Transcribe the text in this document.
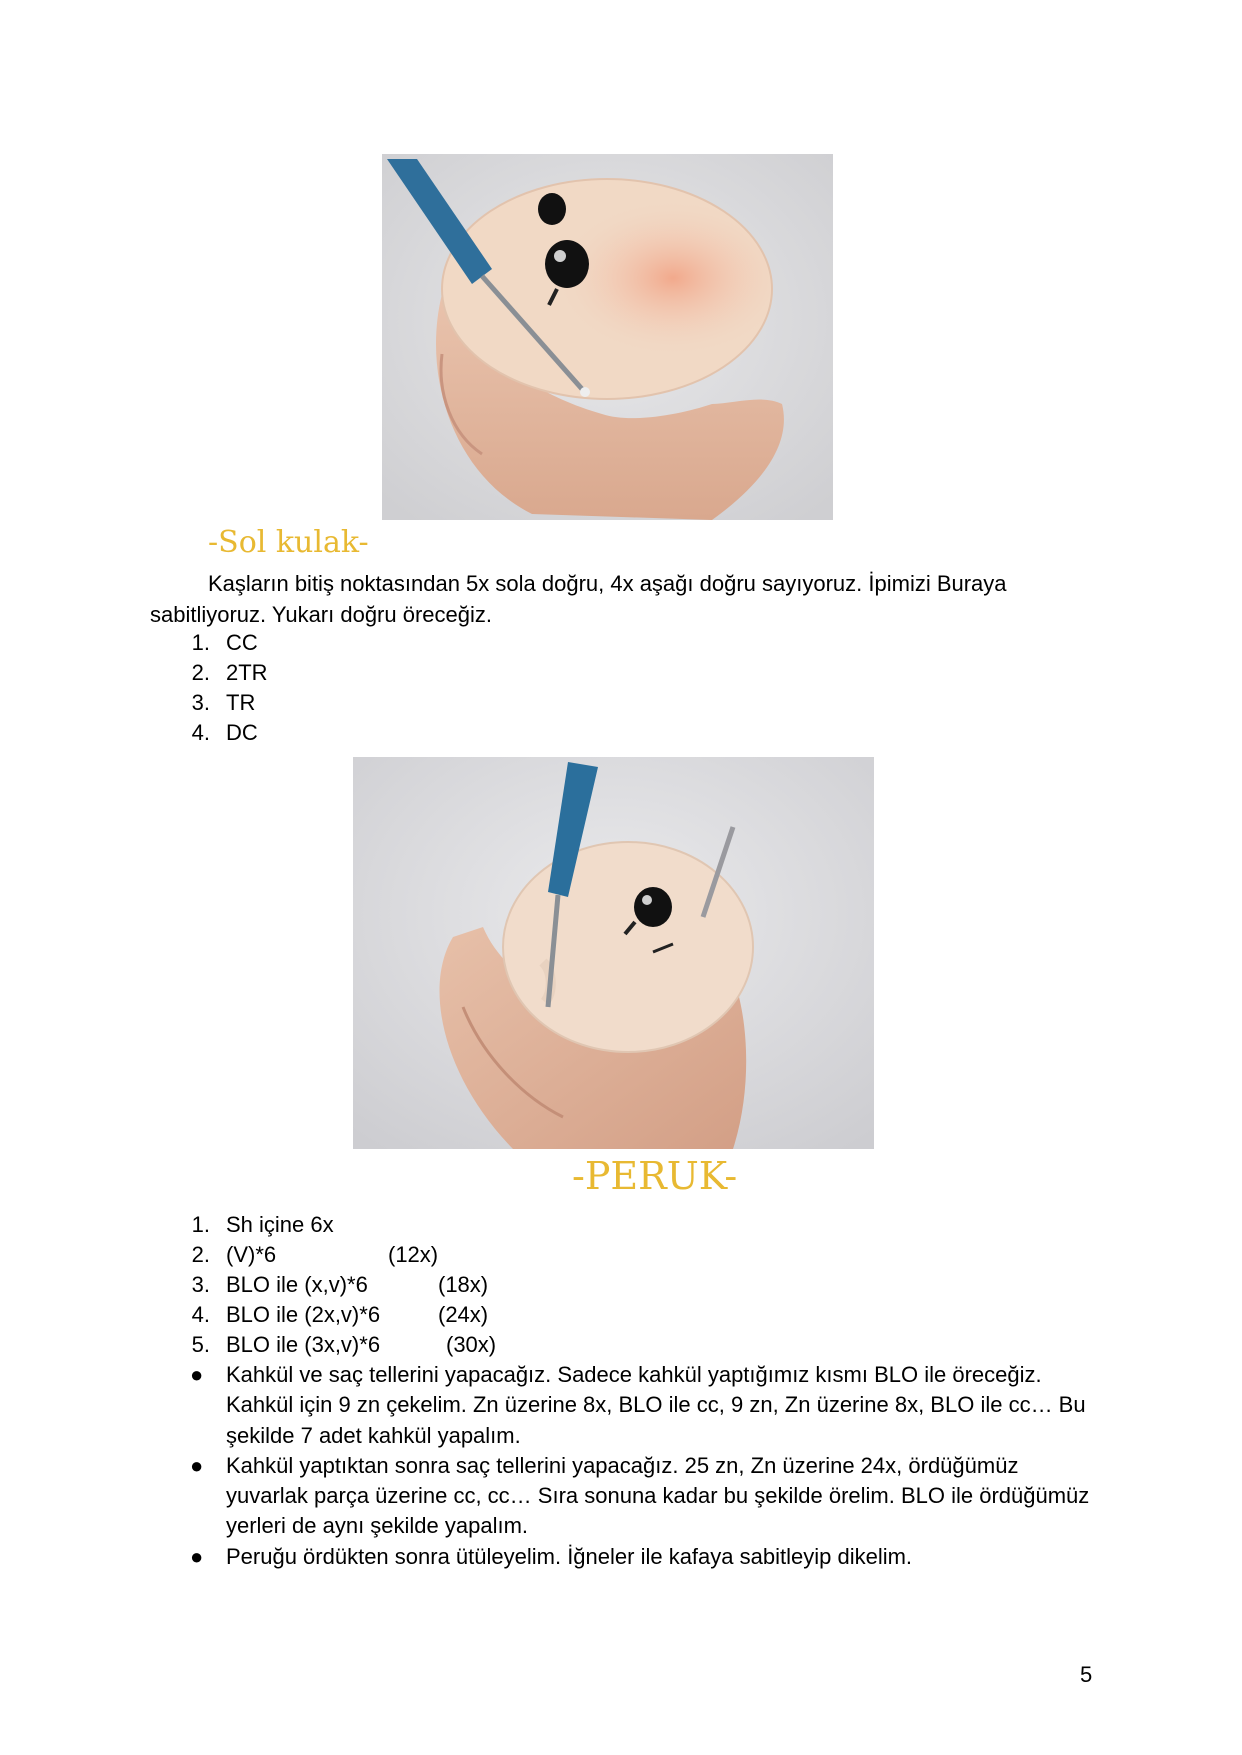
-Sol kulak-
Kaşların bitiş noktasından 5x sola doğru, 4x aşağı doğru sayıyoruz. İpimizi Buraya sabitliyoruz. Yukarı doğru öreceğiz.
1. CC
2. 2TR
3. TR
4. DC
-PERUK-
1. Sh içine 6x
2. (V)*6	(12x)
3. BLO ile (x,v)*6	(18x)
4. BLO ile (2x,v)*6	(24x)
5. BLO ile (3x,v)*6	(30x)
● Kahkül ve saç tellerini yapacağız. Sadece kahkül yaptığımız kısmı BLO ile öreceğiz. Kahkül için 9 zn çekelim. Zn üzerine 8x, BLO ile cc, 9 zn, Zn üzerine 8x, BLO ile cc… Bu şekilde 7 adet kahkül yapalım.
● Kahkül yaptıktan sonra saç tellerini yapacağız. 25 zn, Zn üzerine 24x, ördüğümüz yuvarlak parça üzerine cc, cc… Sıra sonuna kadar bu şekilde örelim. BLO ile ördüğümüz yerleri de aynı şekilde yapalım.
● Peruğu ördükten sonra ütüleyelim. İğneler ile kafaya sabitleyip dikelim.
5
